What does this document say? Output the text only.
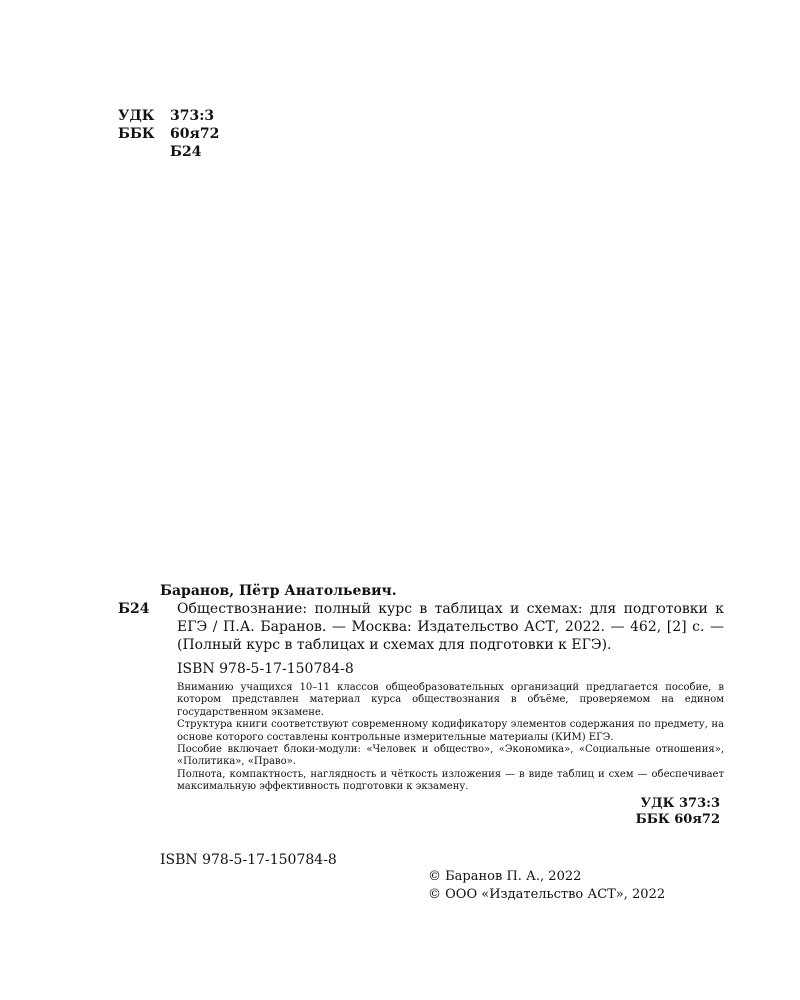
УДК 373:3
ББК 60я72
Б24
Баранов, Пётр Анатольевич.
Б24 Обществознание: полный курс в таблицах и схемах: для подготовки к ЕГЭ / П.А. Баранов. — Москва: Издательство АСТ, 2022. — 462, [2] с. — (Полный курс в таблицах и схемах для подготовки к ЕГЭ).
ISBN 978-5-17-150784-8

Вниманию учащихся 10–11 классов общеобразовательных организаций предлагается пособие, в котором представлен материал курса обществознания в объёме, проверяемом на едином государственном экзамене.

Структура книги соответствуют современному кодификатору элементов содержания по предмету, на основе которого составлены контрольные измерительные материалы (КИМ) ЕГЭ.

Пособие включает блоки-модули: «Человек и общество», «Экономика», «Социальные отношения», «Политика», «Право».

Полнота, компактность, наглядность и чёткость изложения — в виде таблиц и схем — обеспечивает максимальную эффективность подготовки к экзамену.

УДК 373:3
ББК 60я72
ISBN 978-5-17-150784-8
© Баранов П. А., 2022
© ООО «Издательство АСТ», 2022
